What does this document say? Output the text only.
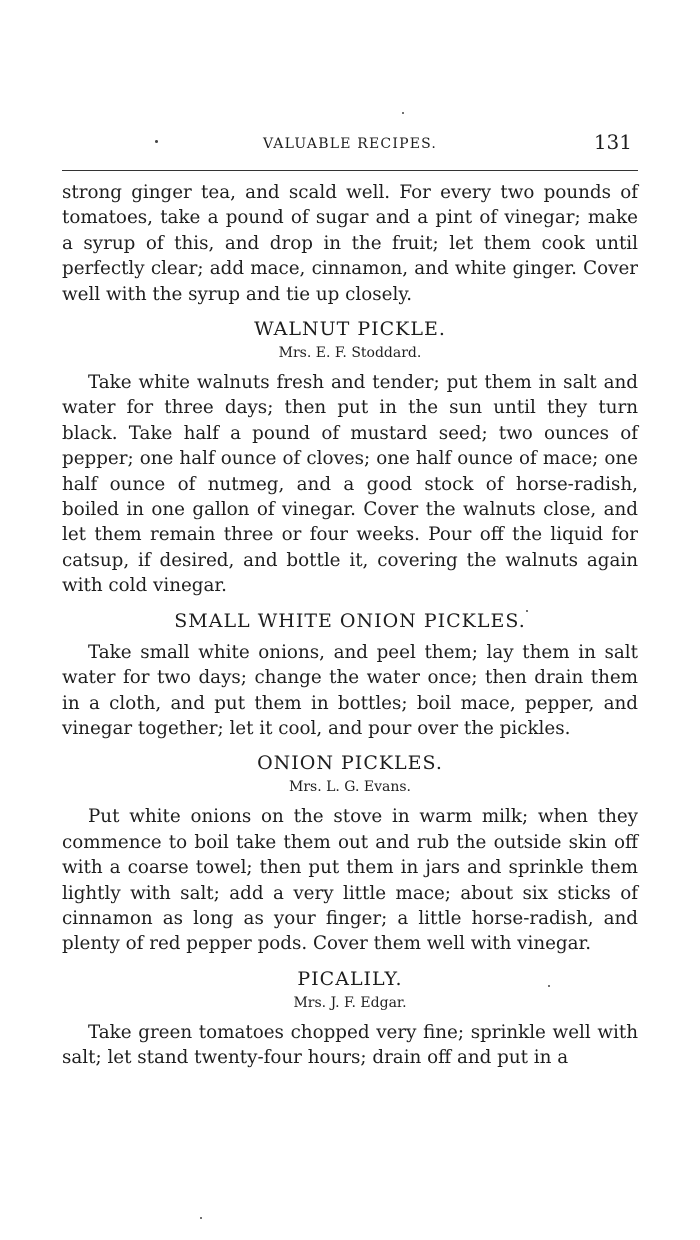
VALUABLE RECIPES.	131

strong ginger tea, and scald well. For every two pounds of tomatoes, take a pound of sugar and a pint of vinegar; make a syrup of this, and drop in the fruit; let them cook until perfectly clear; add mace, cinnamon, and white ginger. Cover well with the syrup and tie up closely.

WALNUT PICKLE.
Mrs. E. F. Stoddard.

Take white walnuts fresh and tender; put them in salt and water for three days; then put in the sun until they turn black. Take half a pound of mustard seed; two ounces of pepper; one half ounce of cloves; one half ounce of mace; one half ounce of nutmeg, and a good stock of horse-radish, boiled in one gallon of vinegar. Cover the walnuts close, and let them remain three or four weeks. Pour off the liquid for catsup, if desired, and bottle it, covering the walnuts again with cold vinegar.

SMALL WHITE ONION PICKLES.

Take small white onions, and peel them; lay them in salt water for two days; change the water once; then drain them in a cloth, and put them in bottles; boil mace, pepper, and vinegar together; let it cool, and pour over the pickles.

ONION PICKLES.
Mrs. L. G. Evans.

Put white onions on the stove in warm milk; when they commence to boil take them out and rub the outside skin off with a coarse towel; then put them in jars and sprinkle them lightly with salt; add a very little mace; about six sticks of cinnamon as long as your finger; a little horse-radish, and plenty of red pepper pods. Cover them well with vinegar.

PICALILY.
Mrs. J. F. Edgar.

Take green tomatoes chopped very fine; sprinkle well with salt; let stand twenty-four hours; drain off and put in a
